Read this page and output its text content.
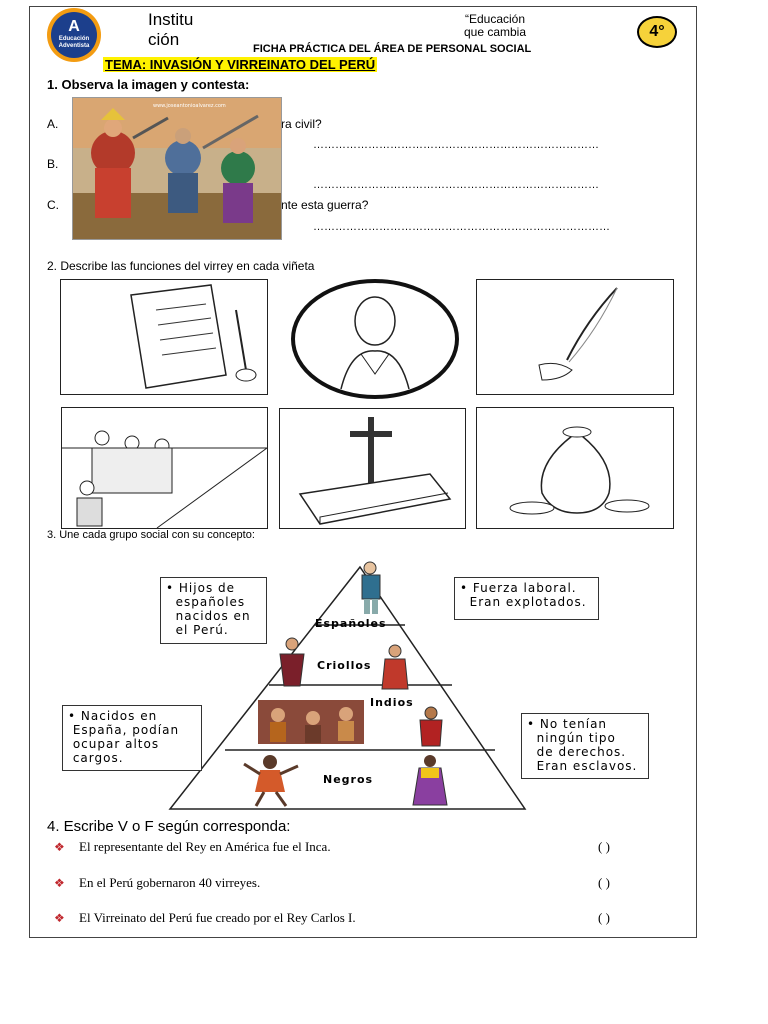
A
Educación
Adventista
Institu
ción
“Educación
que cambia	4°
FICHA PRÁCTICA DEL ÁREA DE PERSONAL SOCIAL
TEMA: INVASIÓN Y VIRREINATO DEL PERÚ
1. Observa la imagen y contesta:
A.	ra civil?
……………………………………………………………………
B.
……………………………………………………………………
C.	nte esta guerra?
………………………………………………………………………
www.joseantonioalvarez.com
2. Describe las funciones del virrey en cada viñeta
3. Une cada grupo social con su concepto:
Españoles
Criollos
Indios
Negros
• Hijos de
españoles
nacidos en
el Perú.
• Fuerza laboral.
Eran explotados.
• Nacidos en
España, podían
ocupar altos
cargos.
• No tenían
ningún tipo
de derechos.
Eran esclavos.
4. Escribe V o F según corresponda:
❖ El representante del Rey en América fue el Inca.	( )
❖ En el Perú gobernaron 40 virreyes.	( )
❖ El Virreinato del Perú fue creado por el Rey Carlos I.	( )
